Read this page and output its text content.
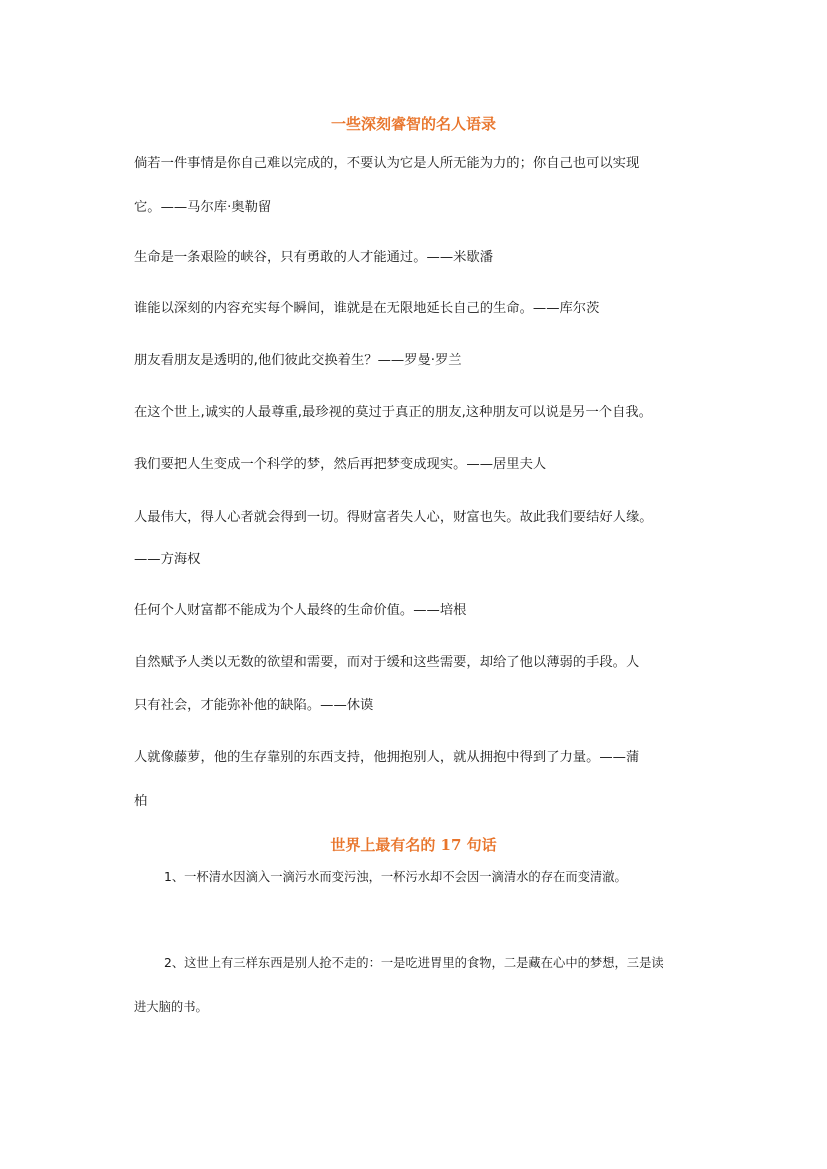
一些深刻睿智的名人语录
倘若一件事情是你自己难以完成的，不要认为它是人所无能为力的；你自己也可以实现
它。——马尔库·奥勒留
生命是一条艰险的峡谷，只有勇敢的人才能通过。——米歇潘
谁能以深刻的内容充实每个瞬间，谁就是在无限地延长自己的生命。——库尔茨
朋友看朋友是透明的,他们彼此交换着生？——罗曼·罗兰
在这个世上,诚实的人最尊重,最珍视的莫过于真正的朋友,这种朋友可以说是另一个自我。
我们要把人生变成一个科学的梦，然后再把梦变成现实。——居里夫人
人最伟大，得人心者就会得到一切。得财富者失人心，财富也失。故此我们要结好人缘。
——方海权
任何个人财富都不能成为个人最终的生命价值。——培根
自然赋予人类以无数的欲望和需要，而对于缓和这些需要，却给了他以薄弱的手段。人
只有社会，才能弥补他的缺陷。——休谟
人就像藤萝，他的生存靠别的东西支持，他拥抱别人，就从拥抱中得到了力量。——蒲
柏
世界上最有名的 17 句话
1、一杯清水因滴入一滴污水而变污浊，一杯污水却不会因一滴清水的存在而变清澈。
2、这世上有三样东西是别人抢不走的：一是吃进胃里的食物，二是藏在心中的梦想，三是读
进大脑的书。
